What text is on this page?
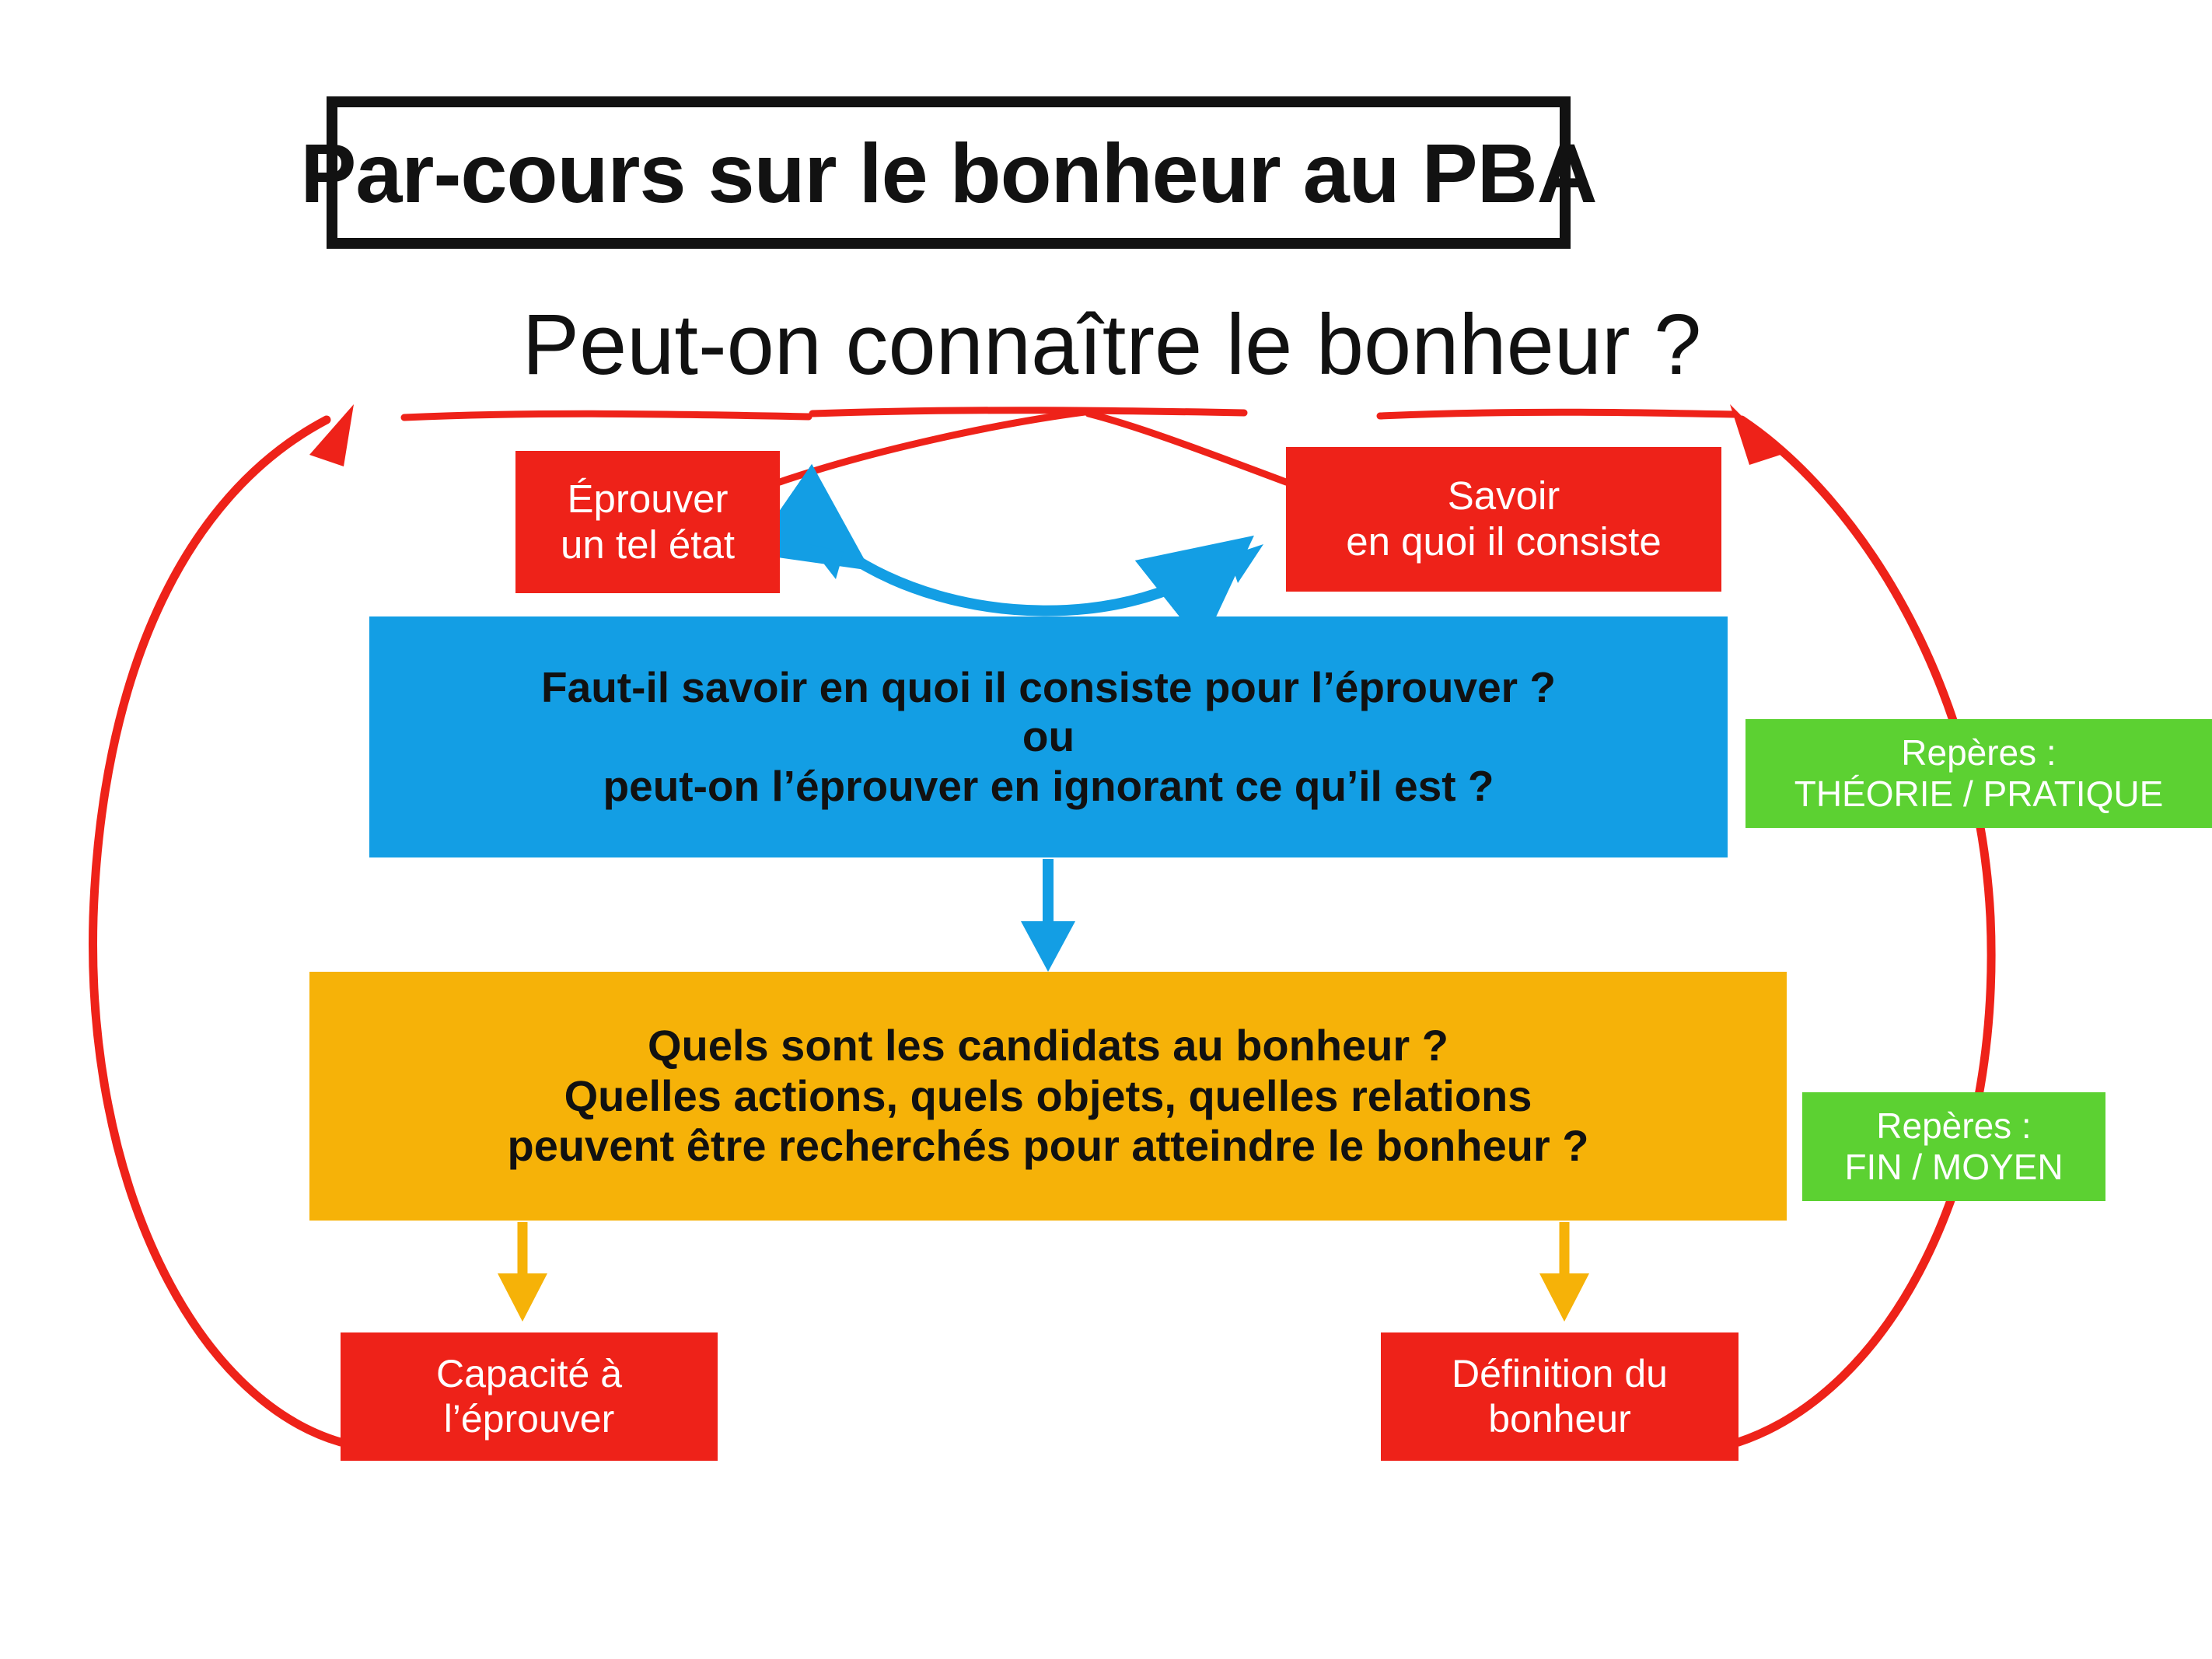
Par-cours sur le bonheur au PBA
Peut-on connaître le bonheur ?
Éprouver
un tel état
Savoir
en quoi il consiste
Faut-il savoir en quoi il consiste pour l’éprouver ?
ou
peut-on l’éprouver en ignorant ce qu’il est ?
Quels sont les candidats au bonheur ?
Quelles actions, quels objets, quelles relations
peuvent être recherchés pour atteindre le bonheur ?
Capacité à
l’éprouver
Définition du
bonheur
Repères :
THÉORIE / PRATIQUE
Repères :
FIN / MOYEN
